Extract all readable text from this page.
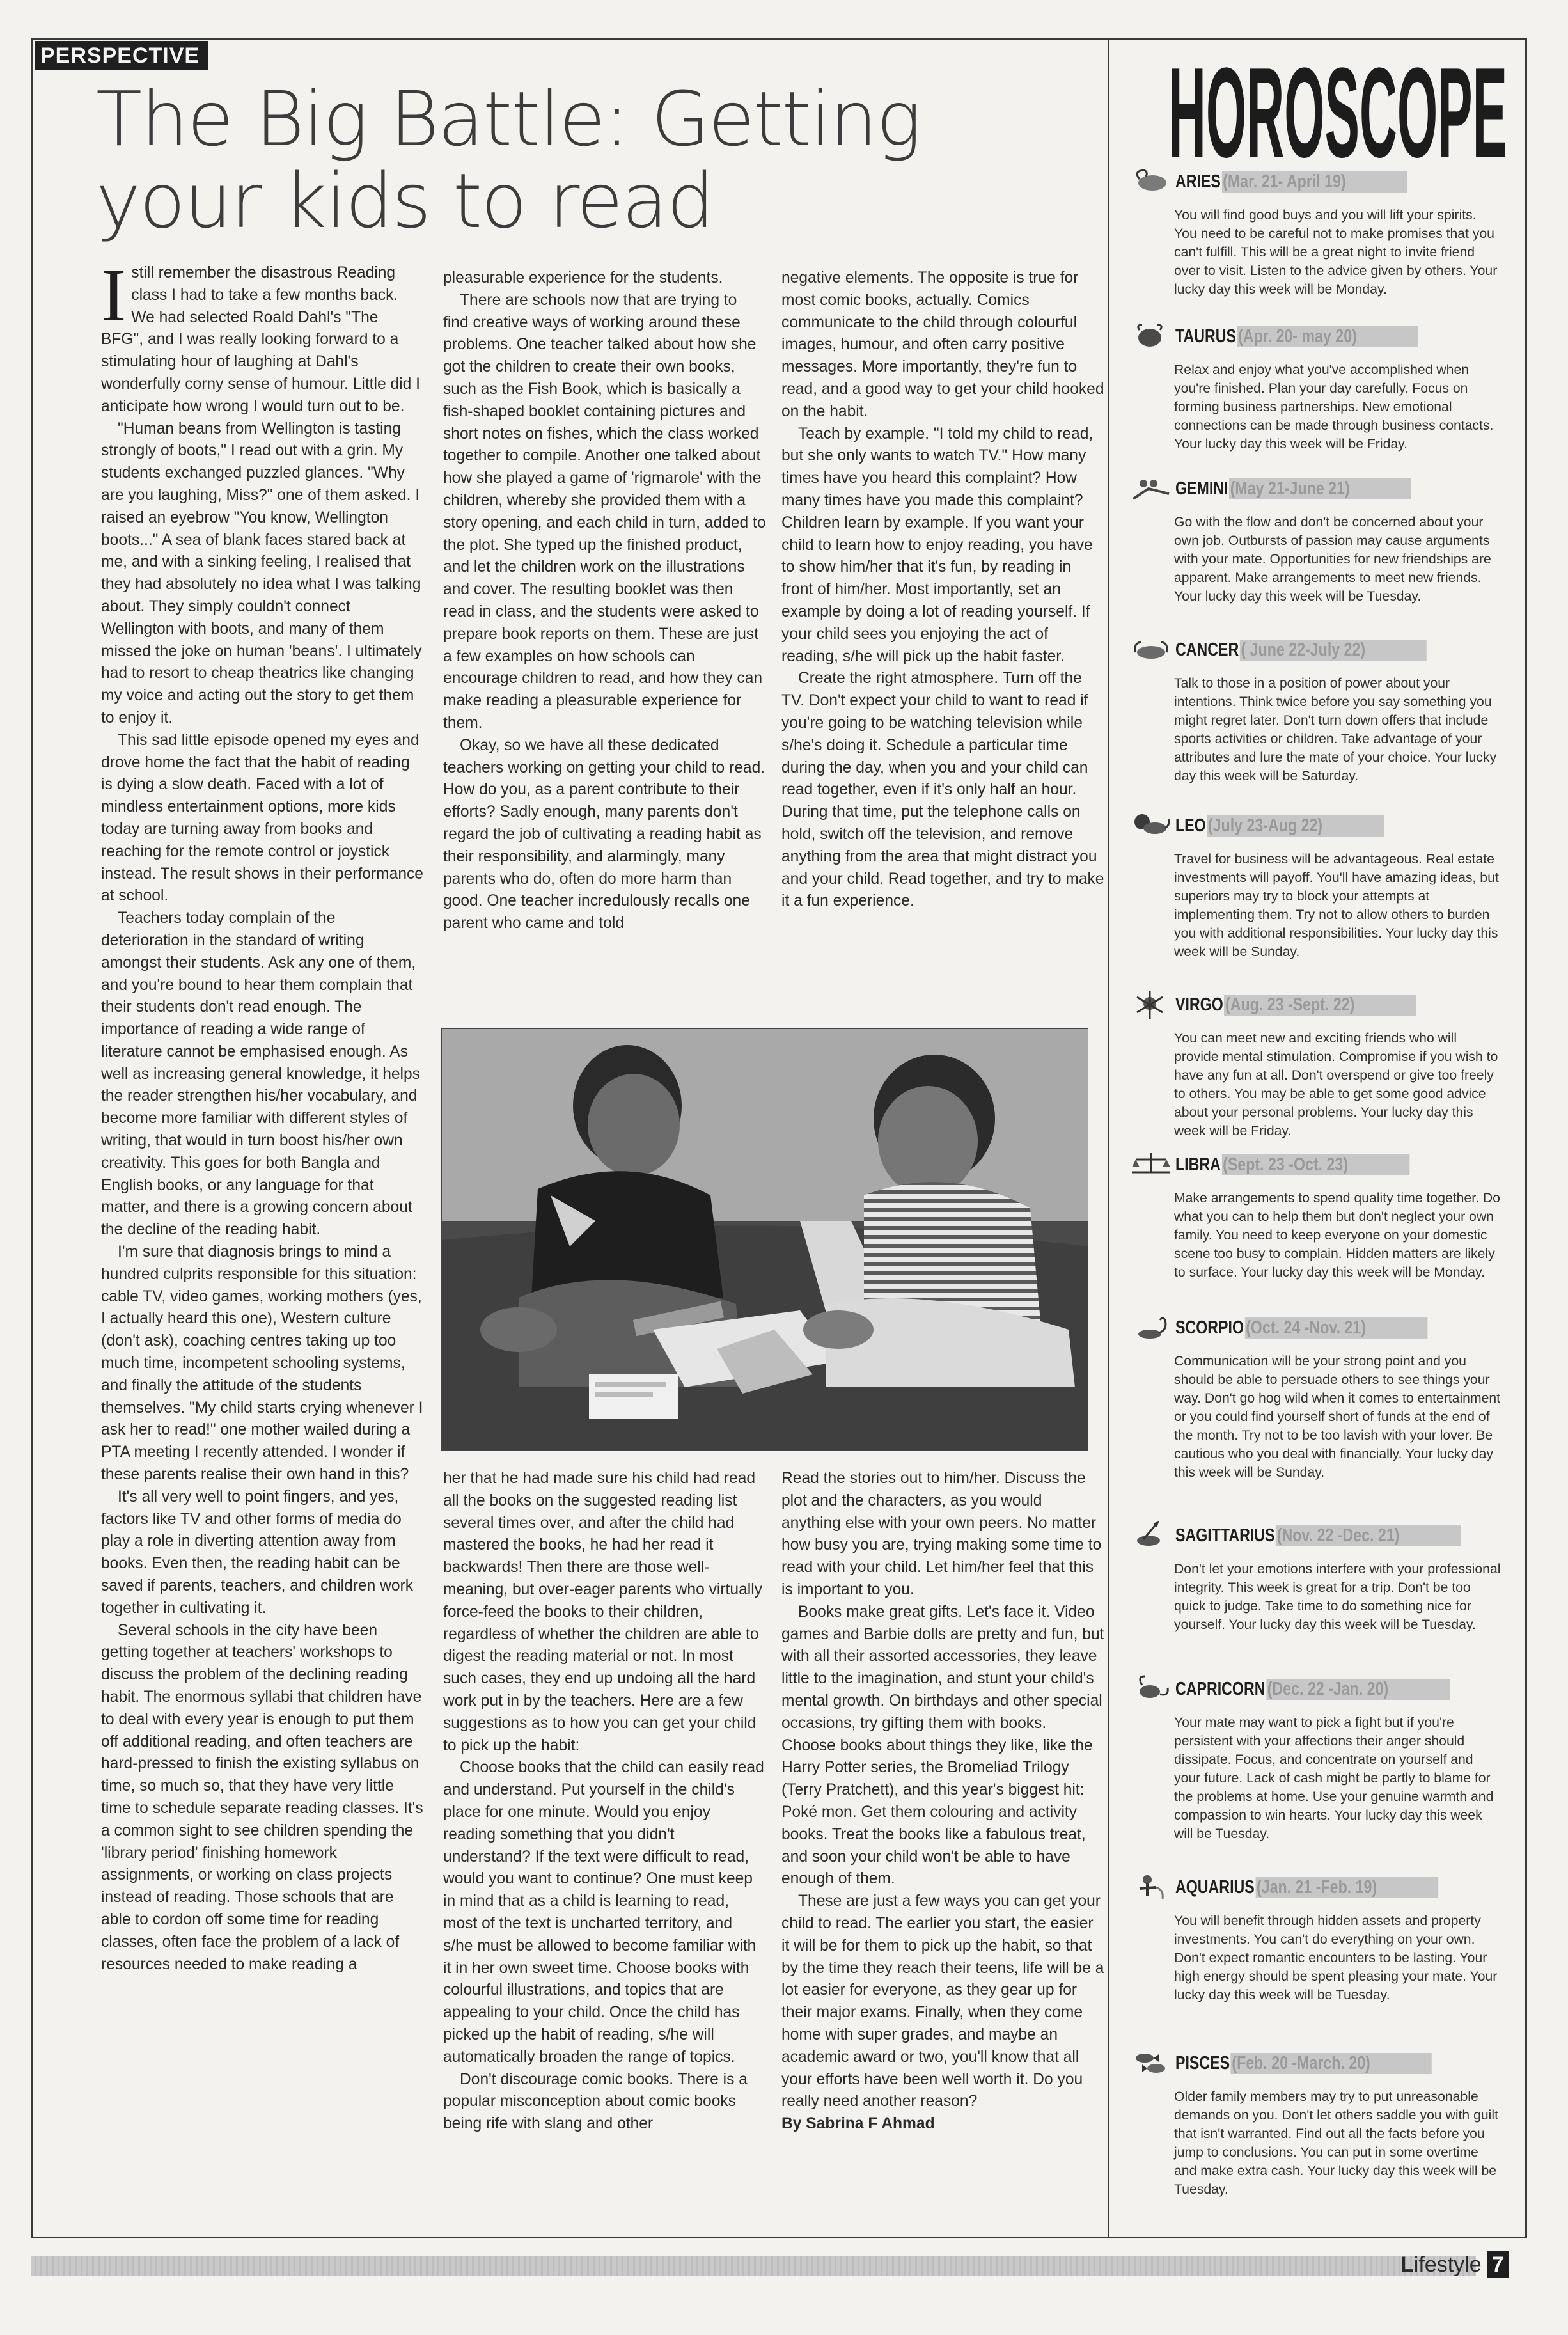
PERSPECTIVE
The Big Battle: Getting your kids to read

Istill remember the disastrous Reading class I had to take a few months back. We had selected Roald Dahl's "The BFG", and I was really looking forward to a stimulating hour of laughing at Dahl's wonderfully corny sense of humour. Little did I anticipate how wrong I would turn out to be.

"Human beans from Wellington is tasting strongly of boots," I read out with a grin. My students exchanged puzzled glances. "Why are you laughing, Miss?" one of them asked. I raised an eyebrow "You know, Wellington boots..." A sea of blank faces stared back at me, and with a sinking feeling, I realised that they had absolutely no idea what I was talking about. They simply couldn't connect Wellington with boots, and many of them missed the joke on human 'beans'. I ultimately had to resort to cheap theatrics like changing my voice and acting out the story to get them to enjoy it.

This sad little episode opened my eyes and drove home the fact that the habit of reading is dying a slow death. Faced with a lot of mindless entertainment options, more kids today are turning away from books and reaching for the remote control or joystick instead. The result shows in their performance at school.

Teachers today complain of the deterioration in the standard of writing amongst their students. Ask any one of them, and you're bound to hear them complain that their students don't read enough. The importance of reading a wide range of literature cannot be emphasised enough. As well as increasing general knowledge, it helps the reader strengthen his/her vocabulary, and become more familiar with different styles of writing, that would in turn boost his/her own creativity. This goes for both Bangla and English books, or any language for that matter, and there is a growing concern about the decline of the reading habit.

I'm sure that diagnosis brings to mind a hundred culprits responsible for this situation: cable TV, video games, working mothers (yes, I actually heard this one), Western culture (don't ask), coaching centres taking up too much time, incompetent schooling systems, and finally the attitude of the students themselves. "My child starts crying whenever I ask her to read!" one mother wailed during a PTA meeting I recently attended. I wonder if these parents realise their own hand in this?

It's all very well to point fingers, and yes, factors like TV and other forms of media do play a role in diverting attention away from books. Even then, the reading habit can be saved if parents, teachers, and children work together in cultivating it.

Several schools in the city have been getting together at teachers' workshops to discuss the problem of the declining reading habit. The enormous syllabi that children have to deal with every year is enough to put them off additional reading, and often teachers are hard-pressed to finish the existing syllabus on time, so much so, that they have very little time to schedule separate reading classes. It's a common sight to see children spending the 'library period' finishing homework assignments, or working on class projects instead of reading. Those schools that are able to cordon off some time for reading classes, often face the problem of a lack of resources needed to make reading a

pleasurable experience for the students.

There are schools now that are trying to find creative ways of working around these problems. One teacher talked about how she got the children to create their own books, such as the Fish Book, which is basically a fish-shaped booklet containing pictures and short notes on fishes, which the class worked together to compile. Another one talked about how she played a game of 'rigmarole' with the children, whereby she provided them with a story opening, and each child in turn, added to the plot. She typed up the finished product, and let the children work on the illustrations and cover. The resulting booklet was then read in class, and the students were asked to prepare book reports on them. These are just a few examples on how schools can encourage children to read, and how they can make reading a pleasurable experience for them.

Okay, so we have all these dedicated teachers working on getting your child to read. How do you, as a parent contribute to their efforts? Sadly enough, many parents don't regard the job of cultivating a reading habit as their responsibility, and alarmingly, many parents who do, often do more harm than good. One teacher incredulously recalls one parent who came and told

negative elements. The opposite is true for most comic books, actually. Comics communicate to the child through colourful images, humour, and often carry positive messages. More importantly, they're fun to read, and a good way to get your child hooked on the habit.

Teach by example. "I told my child to read, but she only wants to watch TV." How many times have you heard this complaint? How many times have you made this complaint? Children learn by example. If you want your child to learn how to enjoy reading, you have to show him/her that it's fun, by reading in front of him/her. Most importantly, set an example by doing a lot of reading yourself. If your child sees you enjoying the act of reading, s/he will pick up the habit faster.

Create the right atmosphere. Turn off the TV. Don't expect your child to want to read if you're going to be watching television while s/he's doing it. Schedule a particular time during the day, when you and your child can read together, even if it's only half an hour. During that time, put the telephone calls on hold, switch off the television, and remove anything from the area that might distract you and your child. Read together, and try to make it a fun experience.

her that he had made sure his child had read all the books on the suggested reading list several times over, and after the child had mastered the books, he had her read it backwards! Then there are those well-meaning, but over-eager parents who virtually force-feed the books to their children, regardless of whether the children are able to digest the reading material or not. In most such cases, they end up undoing all the hard work put in by the teachers. Here are a few suggestions as to how you can get your child to pick up the habit:

Choose books that the child can easily read and understand. Put yourself in the child's place for one minute. Would you enjoy reading something that you didn't understand? If the text were difficult to read, would you want to continue? One must keep in mind that as a child is learning to read, most of the text is uncharted territory, and s/he must be allowed to become familiar with it in her own sweet time. Choose books with colourful illustrations, and topics that are appealing to your child. Once the child has picked up the habit of reading, s/he will automatically broaden the range of topics.

Don't discourage comic books. There is a popular misconception about comic books being rife with slang and other

Read the stories out to him/her. Discuss the plot and the characters, as you would anything else with your own peers. No matter how busy you are, trying making some time to read with your child. Let him/her feel that this is important to you.

Books make great gifts. Let's face it. Video games and Barbie dolls are pretty and fun, but with all their assorted accessories, they leave little to the imagination, and stunt your child's mental growth. On birthdays and other special occasions, try gifting them with books. Choose books about things they like, like the Harry Potter series, the Bromeliad Trilogy (Terry Pratchett), and this year's biggest hit: Poké mon. Get them colouring and activity books. Treat the books like a fabulous treat, and soon your child won't be able to have enough of them.

These are just a few ways you can get your child to read. The earlier you start, the easier it will be for them to pick up the habit, so that by the time they reach their teens, life will be a lot easier for everyone, as they gear up for their major exams. Finally, when they come home with super grades, and maybe an academic award or two, you'll know that all your efforts have been well worth it. Do you really need another reason?

By Sabrina F Ahmad

HOROSCOPE
ARIES (Mar. 21- April 19)
You will find good buys and you will lift your spirits. You need to be careful not to make promises that you can't fulfill. This will be a great night to invite friend over to visit. Listen to the advice given by others. Your lucky day this week will be Monday.
TAURUS (Apr. 20- may 20)
Relax and enjoy what you've accomplished when you're finished. Plan your day carefully. Focus on forming business partnerships. New emotional connections can be made through business contacts. Your lucky day this week will be Friday.
GEMINI (May 21-June 21)
Go with the flow and don't be concerned about your own job. Outbursts of passion may cause arguments with your mate. Opportunities for new friendships are apparent. Make arrangements to meet new friends. Your lucky day this week will be Tuesday.
CANCER ( June 22-July 22)
Talk to those in a position of power about your intentions. Think twice before you say something you might regret later. Don't turn down offers that include sports activities or children. Take advantage of your attributes and lure the mate of your choice. Your lucky day this week will be Saturday.
LEO (July 23-Aug 22)
Travel for business will be advantageous. Real estate investments will payoff. You'll have amazing ideas, but superiors may try to block your attempts at implementing them. Try not to allow others to burden you with additional responsibilities. Your lucky day this week will be Sunday.
VIRGO (Aug. 23 -Sept. 22)
You can meet new and exciting friends who will provide mental stimulation. Compromise if you wish to have any fun at all. Don't overspend or give too freely to others. You may be able to get some good advice about your personal problems. Your lucky day this week will be Friday.
LIBRA (Sept. 23 -Oct. 23)
Make arrangements to spend quality time together. Do what you can to help them but don't neglect your own family. You need to keep everyone on your domestic scene too busy to complain. Hidden matters are likely to surface. Your lucky day this week will be Monday.
SCORPIO (Oct. 24 -Nov. 21)
Communication will be your strong point and you should be able to persuade others to see things your way. Don't go hog wild when it comes to entertainment or you could find yourself short of funds at the end of the month. Try not to be too lavish with your lover. Be cautious who you deal with financially. Your lucky day this week will be Sunday.
SAGITTARIUS (Nov. 22 -Dec. 21)
Don't let your emotions interfere with your professional integrity. This week is great for a trip. Don't be too quick to judge. Take time to do something nice for yourself. Your lucky day this week will be Tuesday.
CAPRICORN (Dec. 22 -Jan. 20)
Your mate may want to pick a fight but if you're persistent with your affections their anger should dissipate. Focus, and concentrate on yourself and your future. Lack of cash might be partly to blame for the problems at home. Use your genuine warmth and compassion to win hearts. Your lucky day this week will be Tuesday.
AQUARIUS (Jan. 21 -Feb. 19)
You will benefit through hidden assets and property investments. You can't do everything on your own. Don't expect romantic encounters to be lasting. Your high energy should be spent pleasing your mate. Your lucky day this week will be Tuesday.
PISCES (Feb. 20 -March. 20)
Older family members may try to put unreasonable demands on you. Don't let others saddle you with guilt that isn't warranted. Find out all the facts before you jump to conclusions. You can put in some overtime and make extra cash. Your lucky day this week will be Tuesday.
Lifestyle 7
